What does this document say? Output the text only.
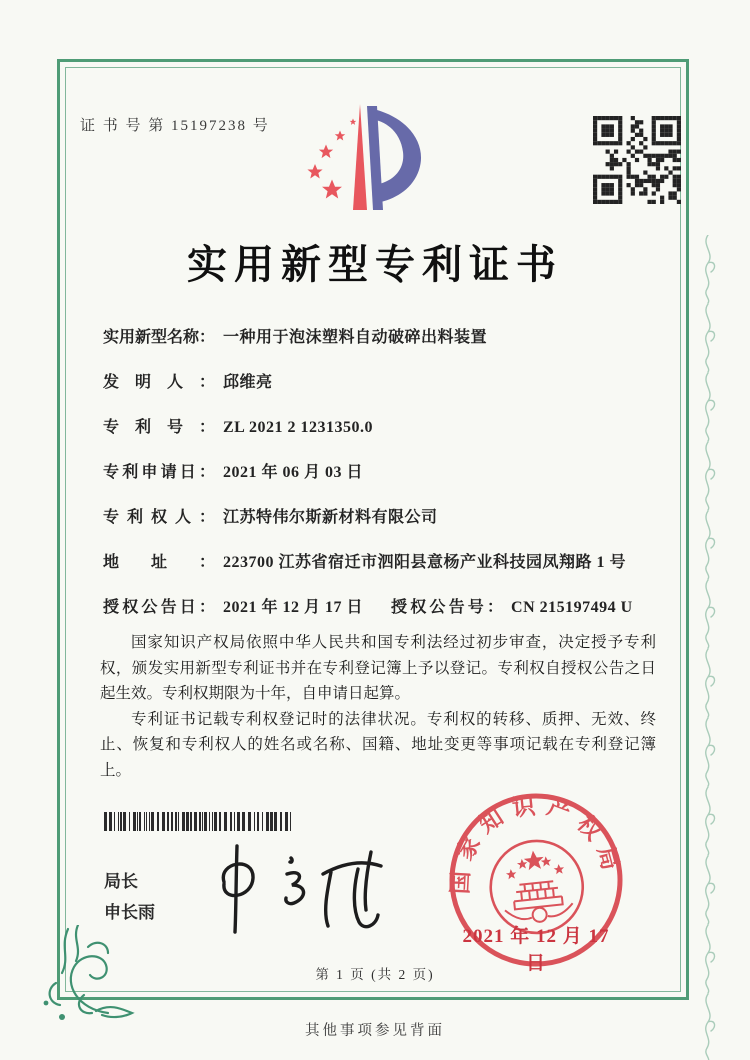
证 书 号 第 15197238 号
实用新型专利证书
实用新型名称： 一种用于泡沫塑料自动破碎出料装置
发明人： 邱维亮
专利号： ZL 2021 2 1231350.0
专利申请日： 2021 年 06 月 03 日
专利权人： 江苏特伟尔斯新材料有限公司
地址： 223700 江苏省宿迁市泗阳县意杨产业科技园凤翔路 1 号
授权公告日： 2021 年 12 月 17 日 授权公告号： CN 215197494 U

国家知识产权局依照中华人民共和国专利法经过初步审查，决定授予专利权，颁发实用新型专利证书并在专利登记簿上予以登记。专利权自授权公告之日起生效。专利权期限为十年，自申请日起算。

专利证书记载专利权登记时的法律状况。专利权的转移、质押、无效、终止、恢复和专利权人的姓名或名称、国籍、地址变更等事项记载在专利登记簿上。

局长
申长雨
国家知识产权局
2021 年 12 月 17 日
第 1 页 (共 2 页)
其他事项参见背面
